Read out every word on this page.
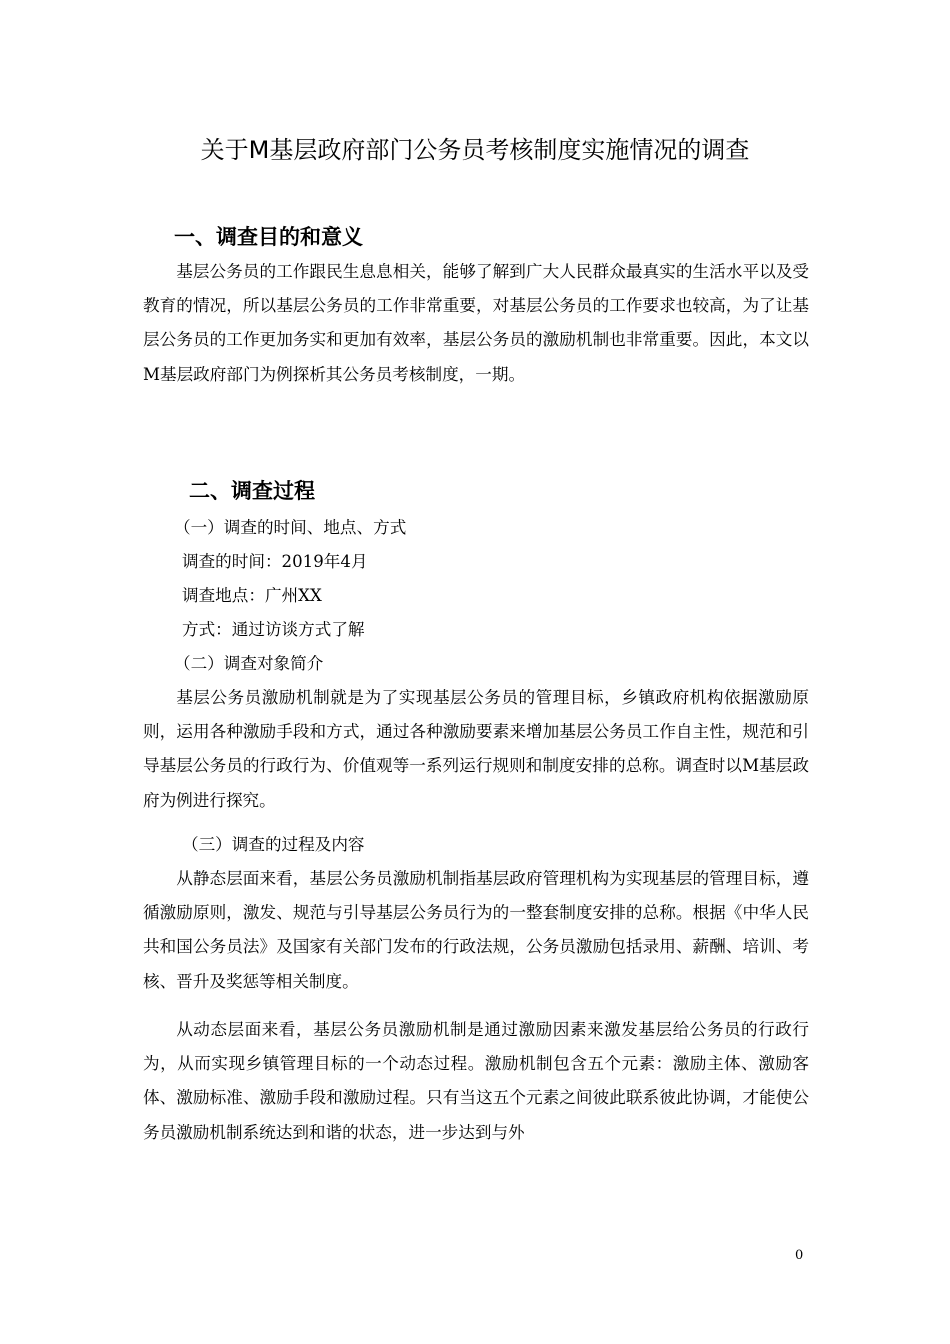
关于M基层政府部门公务员考核制度实施情况的调查
一、调查目的和意义
基层公务员的工作跟民生息息相关，能够了解到广大人民群众最真实的生活水平以及受教育的情况，所以基层公务员的工作非常重要，对基层公务员的工作要求也较高，为了让基层公务员的工作更加务实和更加有效率，基层公务员的激励机制也非常重要。因此，本文以M基层政府部门为例探析其公务员考核制度，一期。
二、调查过程
（一）调查的时间、地点、方式
调查的时间：2019年4月
调查地点：广州XX
方式：通过访谈方式了解
（二）调查对象简介
基层公务员激励机制就是为了实现基层公务员的管理目标，乡镇政府机构依据激励原则，运用各种激励手段和方式，通过各种激励要素来增加基层公务员工作自主性，规范和引导基层公务员的行政行为、价值观等一系列运行规则和制度安排的总称。调查时以M基层政府为例进行探究。
（三）调查的过程及内容
从静态层面来看，基层公务员激励机制指基层政府管理机构为实现基层的管理目标，遵循激励原则，激发、规范与引导基层公务员行为的一整套制度安排的总称。根据《中华人民共和国公务员法》及国家有关部门发布的行政法规，公务员激励包括录用、薪酬、培训、考核、晋升及奖惩等相关制度。
从动态层面来看，基层公务员激励机制是通过激励因素来激发基层给公务员的行政行为，从而实现乡镇管理目标的一个动态过程。激励机制包含五个元素：激励主体、激励客体、激励标准、激励手段和激励过程。只有当这五个元素之间彼此联系彼此协调，才能使公务员激励机制系统达到和谐的状态，进一步达到与外
0
